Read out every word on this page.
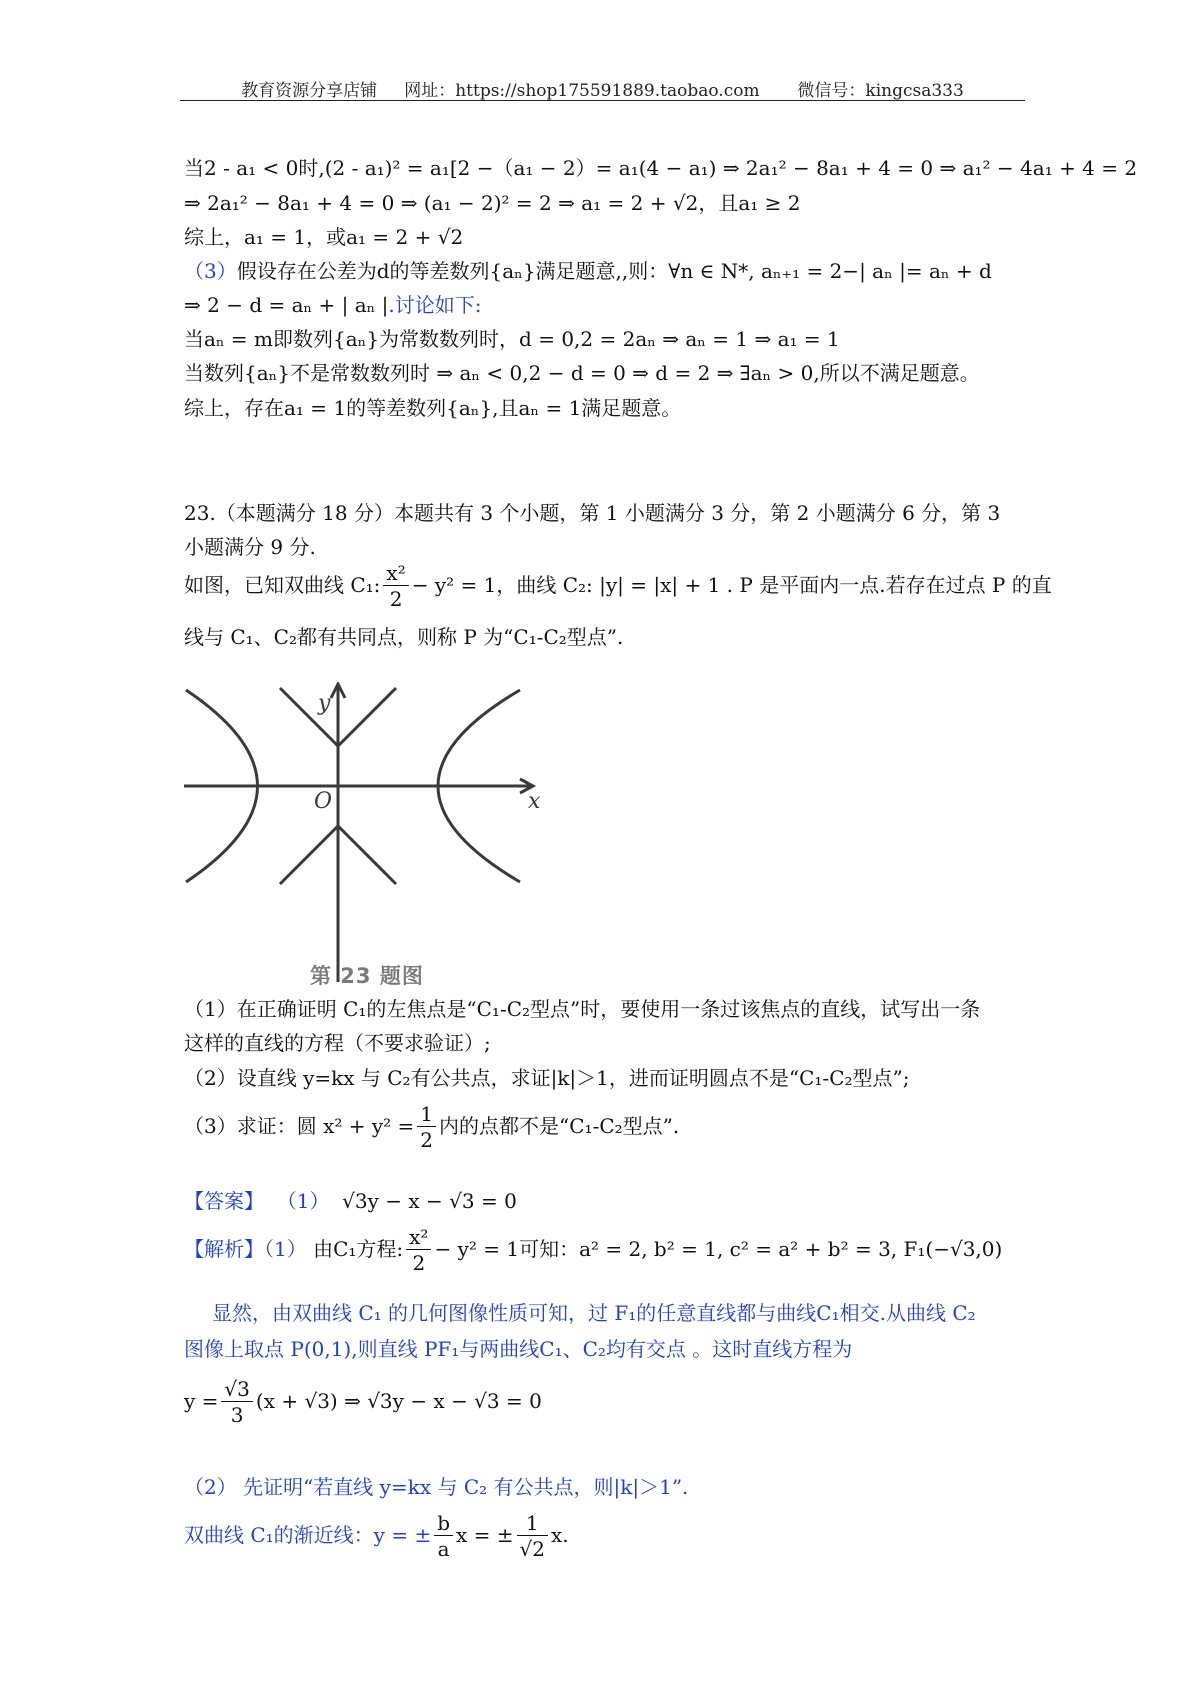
教育资源分享店铺 网址：https://shop175591889.taobao.com 微信号：kingcsa333
当2 - a₁ < 0时,(2 - a₁)² = a₁[2 −（a₁ − 2）= a₁(4 − a₁) ⇒ 2a₁² − 8a₁ + 4 = 0 ⇒ a₁² − 4a₁ + 4 = 2
⇒ 2a₁² − 8a₁ + 4 = 0 ⇒ (a₁ − 2)² = 2 ⇒ a₁ = 2 + √2，且a₁ ≥ 2
综上，a₁ = 1，或a₁ = 2 + √2
（3）假设存在公差为d的等差数列{aₙ}满足题意,,则：∀n ∈ N*, aₙ₊₁ = 2−| aₙ |= aₙ + d
⇒ 2 − d = aₙ + | aₙ |.讨论如下:
当aₙ = m即数列{aₙ}为常数数列时，d = 0,2 = 2aₙ ⇒ aₙ = 1 ⇒ a₁ = 1
当数列{aₙ}不是常数数列时 ⇒ aₙ < 0,2 − d = 0 ⇒ d = 2 ⇒ ∃aₙ > 0,所以不满足题意。
综上，存在a₁ = 1的等差数列{aₙ},且aₙ = 1满足题意。
23.（本题满分 18 分）本题共有 3 个小题，第 1 小题满分 3 分，第 2 小题满分 6 分，第 3
小题满分 9 分.
如图，已知双曲线 C₁: $\frac{\text{x²}}{2} - y^2 = 1$，曲线 C₂: |y| = |x| + 1 . P 是平面内一点.若存在过点 P 的直
线与 C₁、C₂都有共同点，则称 P 为“C₁-C₂型点”.
y
x
O
第 23 题图
（1）在正确证明 C₁的左焦点是“C₁-C₂型点”时，要使用一条过该焦点的直线，试写出一条
这样的直线的方程（不要求验证）;
（2）设直线 y=kx 与 C₂有公共点，求证|k|＞1，进而证明圆点不是“C₁-C₂型点”;
（3）求证：圆 $x^2 + y^2 = \frac{1}{2}$ 内的点都不是“C₁-C₂型点”.
【答案】 （1） √3y − x − √3 = 0
【解析】（1） 由C₁方程: $\frac{\text{x²}}{2} - y^2 = 1$可知：a² = 2, b² = 1, c² = a² + b² = 3, F₁(−√3,0)
显然，由双曲线 C₁ 的几何图像性质可知，过 F₁的任意直线都与曲线C₁相交.从曲线 C₂
图像上取点 P(0,1),则直线 PF₁与两曲线C₁、C₂均有交点 。这时直线方程为
$y = \frac{√3}{3} (x + √3)$ ⇒ √3y − x − √3 = 0
（2） 先证明“若直线 y=kx 与 C₂ 有公共点，则|k|＞1”.
双曲线 C₁的渐近线：y = ± $\frac{b}{a}$ x = ± $\frac{1}{√2} x$.
